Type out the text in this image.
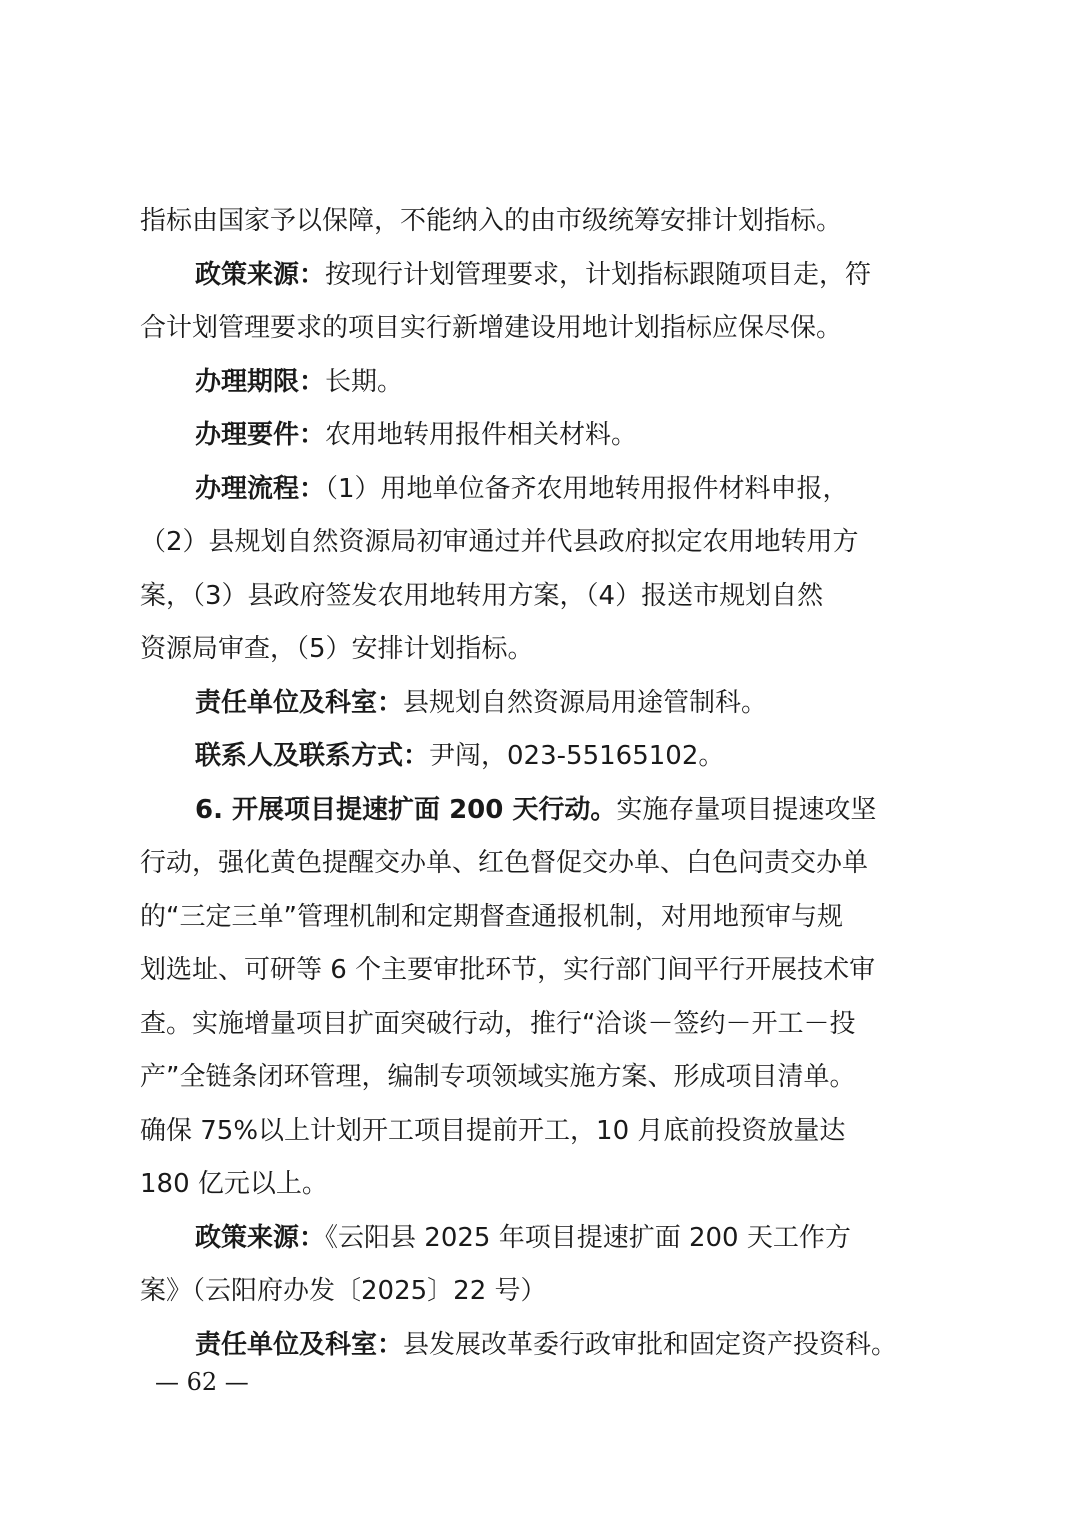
指标由国家予以保障，不能纳入的由市级统筹安排计划指标。
政策来源：按现行计划管理要求，计划指标跟随项目走，符
合计划管理要求的项目实行新增建设用地计划指标应保尽保。
办理期限：长期。
办理要件：农用地转用报件相关材料。
办理流程：（1）用地单位备齐农用地转用报件材料申报，
（2）县规划自然资源局初审通过并代县政府拟定农用地转用方
案，（3）县政府签发农用地转用方案，（4）报送市规划自然
资源局审查，（5）安排计划指标。
责任单位及科室：县规划自然资源局用途管制科。
联系人及联系方式：尹闯，023-55165102。
6. 开展项目提速扩面 200 天行动。实施存量项目提速攻坚
行动，强化黄色提醒交办单、红色督促交办单、白色问责交办单
的“三定三单”管理机制和定期督查通报机制，对用地预审与规
划选址、可研等 6 个主要审批环节，实行部门间平行开展技术审
查。实施增量项目扩面突破行动，推行“洽谈－签约－开工－投
产”全链条闭环管理，编制专项领域实施方案、形成项目清单。
确保 75%以上计划开工项目提前开工，10 月底前投资放量达
180 亿元以上。
政策来源：《云阳县 2025 年项目提速扩面 200 天工作方
案》（云阳府办发〔2025〕22 号）
责任单位及科室：县发展改革委行政审批和固定资产投资科。
— 62 —
